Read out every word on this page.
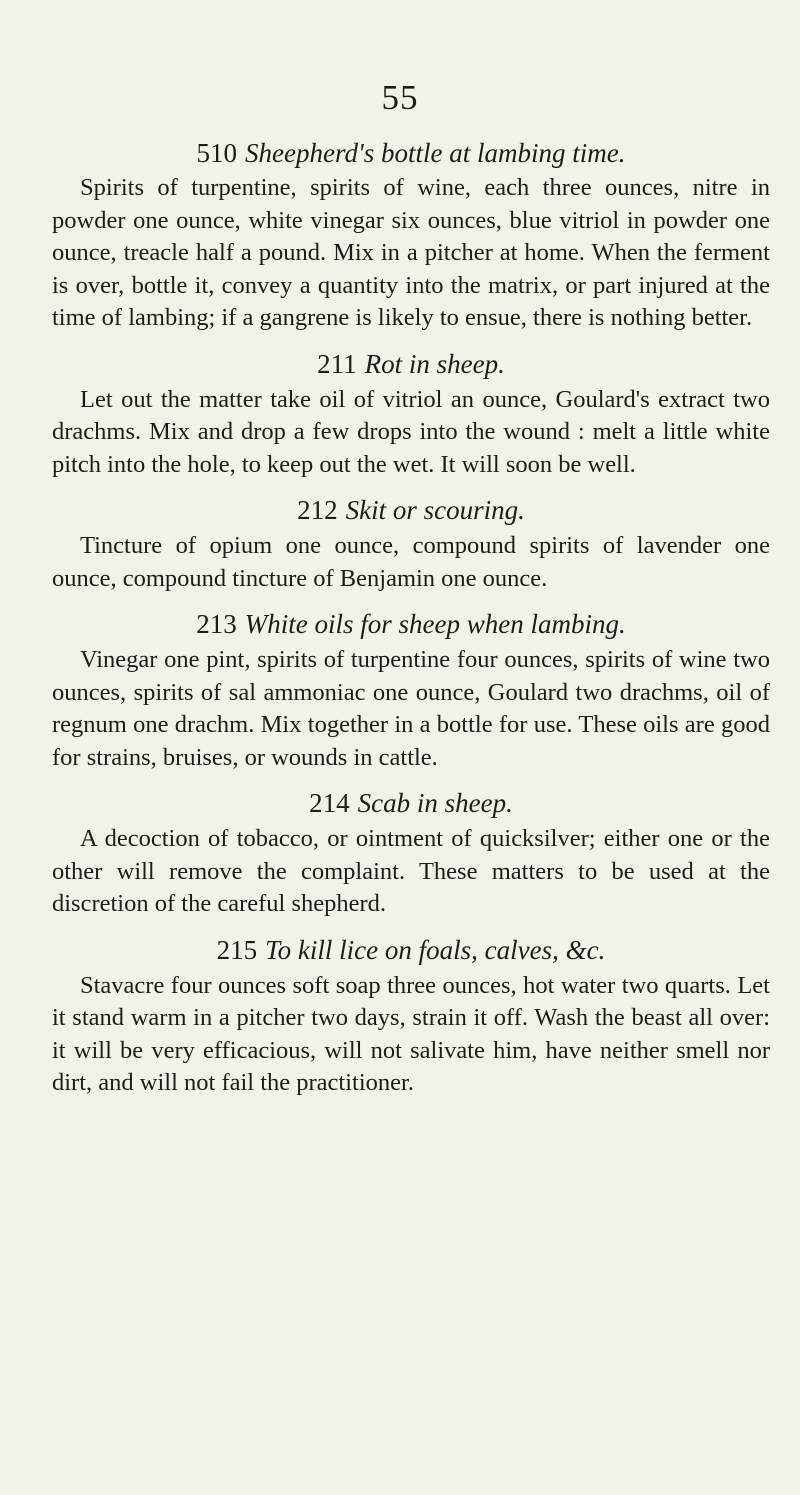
55

510 Sheepherd's bottle at lambing time.

Spirits of turpentine, spirits of wine, each three ounces, nitre in powder one ounce, white vinegar six ounces, blue vitriol in powder one ounce, treacle half a pound. Mix in a pitcher at home. When the ferment is over, bottle it, convey a quantity into the matrix, or part injured at the time of lambing; if a gangrene is likely to ensue, there is nothing better.

211 Rot in sheep.

Let out the matter take oil of vitriol an ounce, Goulard's extract two drachms. Mix and drop a few drops into the wound : melt a little white pitch into the hole, to keep out the wet. It will soon be well.

212 Skit or scouring.

Tincture of opium one ounce, compound spirits of lavender one ounce, compound tincture of Benjamin one ounce.

213 White oils for sheep when lambing.

Vinegar one pint, spirits of turpentine four ounces, spirits of wine two ounces, spirits of sal ammoniac one ounce, Goulard two drachms, oil of regnum one drachm. Mix together in a bottle for use. These oils are good for strains, bruises, or wounds in cattle.

214 Scab in sheep.

A decoction of tobacco, or ointment of quicksilver; either one or the other will remove the complaint. These matters to be used at the discretion of the careful shepherd.

215 To kill lice on foals, calves, &c.

Stavacre four ounces soft soap three ounces, hot water two quarts. Let it stand warm in a pitcher two days, strain it off. Wash the beast all over: it will be very efficacious, will not salivate him, have neither smell nor dirt, and will not fail the practitioner.
